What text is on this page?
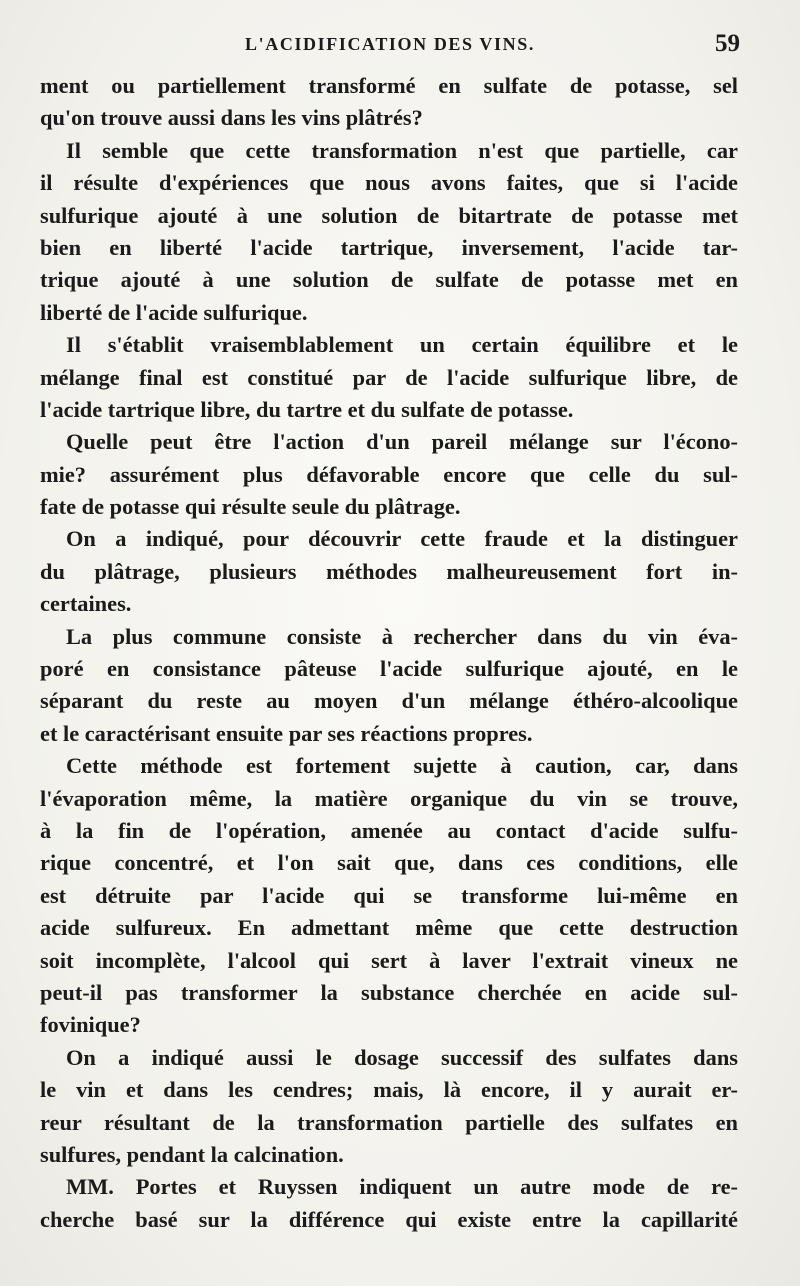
L'ACIDIFICATION DES VINS.	59
ment ou partiellement transformé en sulfate de potasse, sel
qu'on trouve aussi dans les vins plâtrés?
Il semble que cette transformation n'est que partielle, car
il résulte d'expériences que nous avons faites, que si l'acide
sulfurique ajouté à une solution de bitartrate de potasse met
bien en liberté l'acide tartrique, inversement, l'acide tar-
trique ajouté à une solution de sulfate de potasse met en
liberté de l'acide sulfurique.
Il s'établit vraisemblablement un certain équilibre et le
mélange final est constitué par de l'acide sulfurique libre, de
l'acide tartrique libre, du tartre et du sulfate de potasse.
Quelle peut être l'action d'un pareil mélange sur l'écono-
mie? assurément plus défavorable encore que celle du sul-
fate de potasse qui résulte seule du plâtrage.
On a indiqué, pour découvrir cette fraude et la distinguer
du plâtrage, plusieurs méthodes malheureusement fort in-
certaines.
La plus commune consiste à rechercher dans du vin éva-
poré en consistance pâteuse l'acide sulfurique ajouté, en le
séparant du reste au moyen d'un mélange éthéro-alcoolique
et le caractérisant ensuite par ses réactions propres.
Cette méthode est fortement sujette à caution, car, dans
l'évaporation même, la matière organique du vin se trouve,
à la fin de l'opération, amenée au contact d'acide sulfu-
rique concentré, et l'on sait que, dans ces conditions, elle
est détruite par l'acide qui se transforme lui-même en
acide sulfureux. En admettant même que cette destruction
soit incomplète, l'alcool qui sert à laver l'extrait vineux ne
peut-il pas transformer la substance cherchée en acide sul-
fovinique?
On a indiqué aussi le dosage successif des sulfates dans
le vin et dans les cendres; mais, là encore, il y aurait er-
reur résultant de la transformation partielle des sulfates en
sulfures, pendant la calcination.
MM. Portes et Ruyssen indiquent un autre mode de re-
cherche basé sur la différence qui existe entre la capillarité
